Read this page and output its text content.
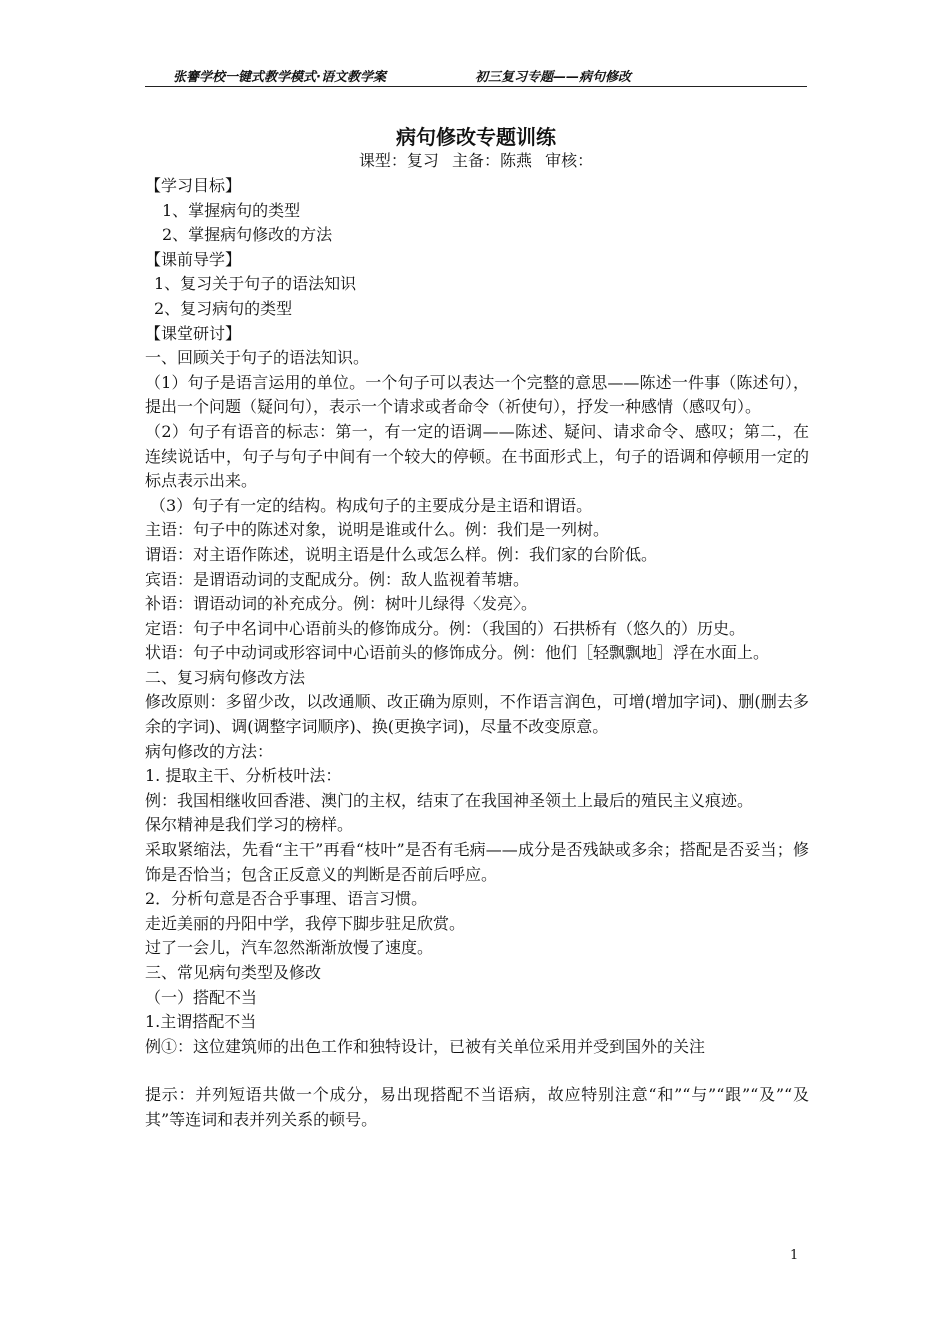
张謇学校一键式教学模式·语文教学案	初三复习专题——病句修改
病句修改专题训练
课型：复习 主备：陈燕 审核：

【学习目标】

1、掌握病句的类型

2、掌握病句修改的方法

【课前导学】

1、复习关于句子的语法知识

2、复习病句的类型

【课堂研讨】

一、回顾关于句子的语法知识。

（1）句子是语言运用的单位。一个句子可以表达一个完整的意思——陈述一件事（陈述句），提出一个问题（疑问句），表示一个请求或者命令（祈使句），抒发一种感情（感叹句）。

（2）句子有语音的标志：第一，有一定的语调——陈述、疑问、请求命令、感叹；第二，在连续说话中，句子与句子中间有一个较大的停顿。在书面形式上，句子的语调和停顿用一定的标点表示出来。

（3）句子有一定的结构。构成句子的主要成分是主语和谓语。

主语：句子中的陈述对象，说明是谁或什么。例：我们是一列树。

谓语：对主语作陈述，说明主语是什么或怎么样。例：我们家的台阶低。

宾语：是谓语动词的支配成分。例：敌人监视着苇塘。

补语：谓语动词的补充成分。例：树叶儿绿得〈发亮〉。

定语：句子中名词中心语前头的修饰成分。例：（我国的）石拱桥有（悠久的）历史。

状语：句子中动词或形容词中心语前头的修饰成分。例：他们［轻飘飘地］浮在水面上。

二、复习病句修改方法

修改原则：多留少改，以改通顺、改正确为原则，不作语言润色，可增(增加字词)、删(删去多余的字词)、调(调整字词顺序)、换(更换字词)，尽量不改变原意。

病句修改的方法：

1. 提取主干、分析枝叶法：

例：我国相继收回香港、澳门的主权，结束了在我国神圣领土上最后的殖民主义痕迹。

保尔精神是我们学习的榜样。

采取紧缩法，先看“主干”再看“枝叶”是否有毛病——成分是否残缺或多余；搭配是否妥当；修饰是否恰当；包含正反意义的判断是否前后呼应。

2．分析句意是否合乎事理、语言习惯。

走近美丽的丹阳中学，我停下脚步驻足欣赏。

过了一会儿，汽车忽然渐渐放慢了速度。

三、常见病句类型及修改

（一）搭配不当

1.主谓搭配不当

例①：这位建筑师的出色工作和独特设计，已被有关单位采用并受到国外的关注

提示：并列短语共做一个成分，易出现搭配不当语病，故应特别注意“和”“与”“跟”“及”“及其”等连词和表并列关系的顿号。

1
